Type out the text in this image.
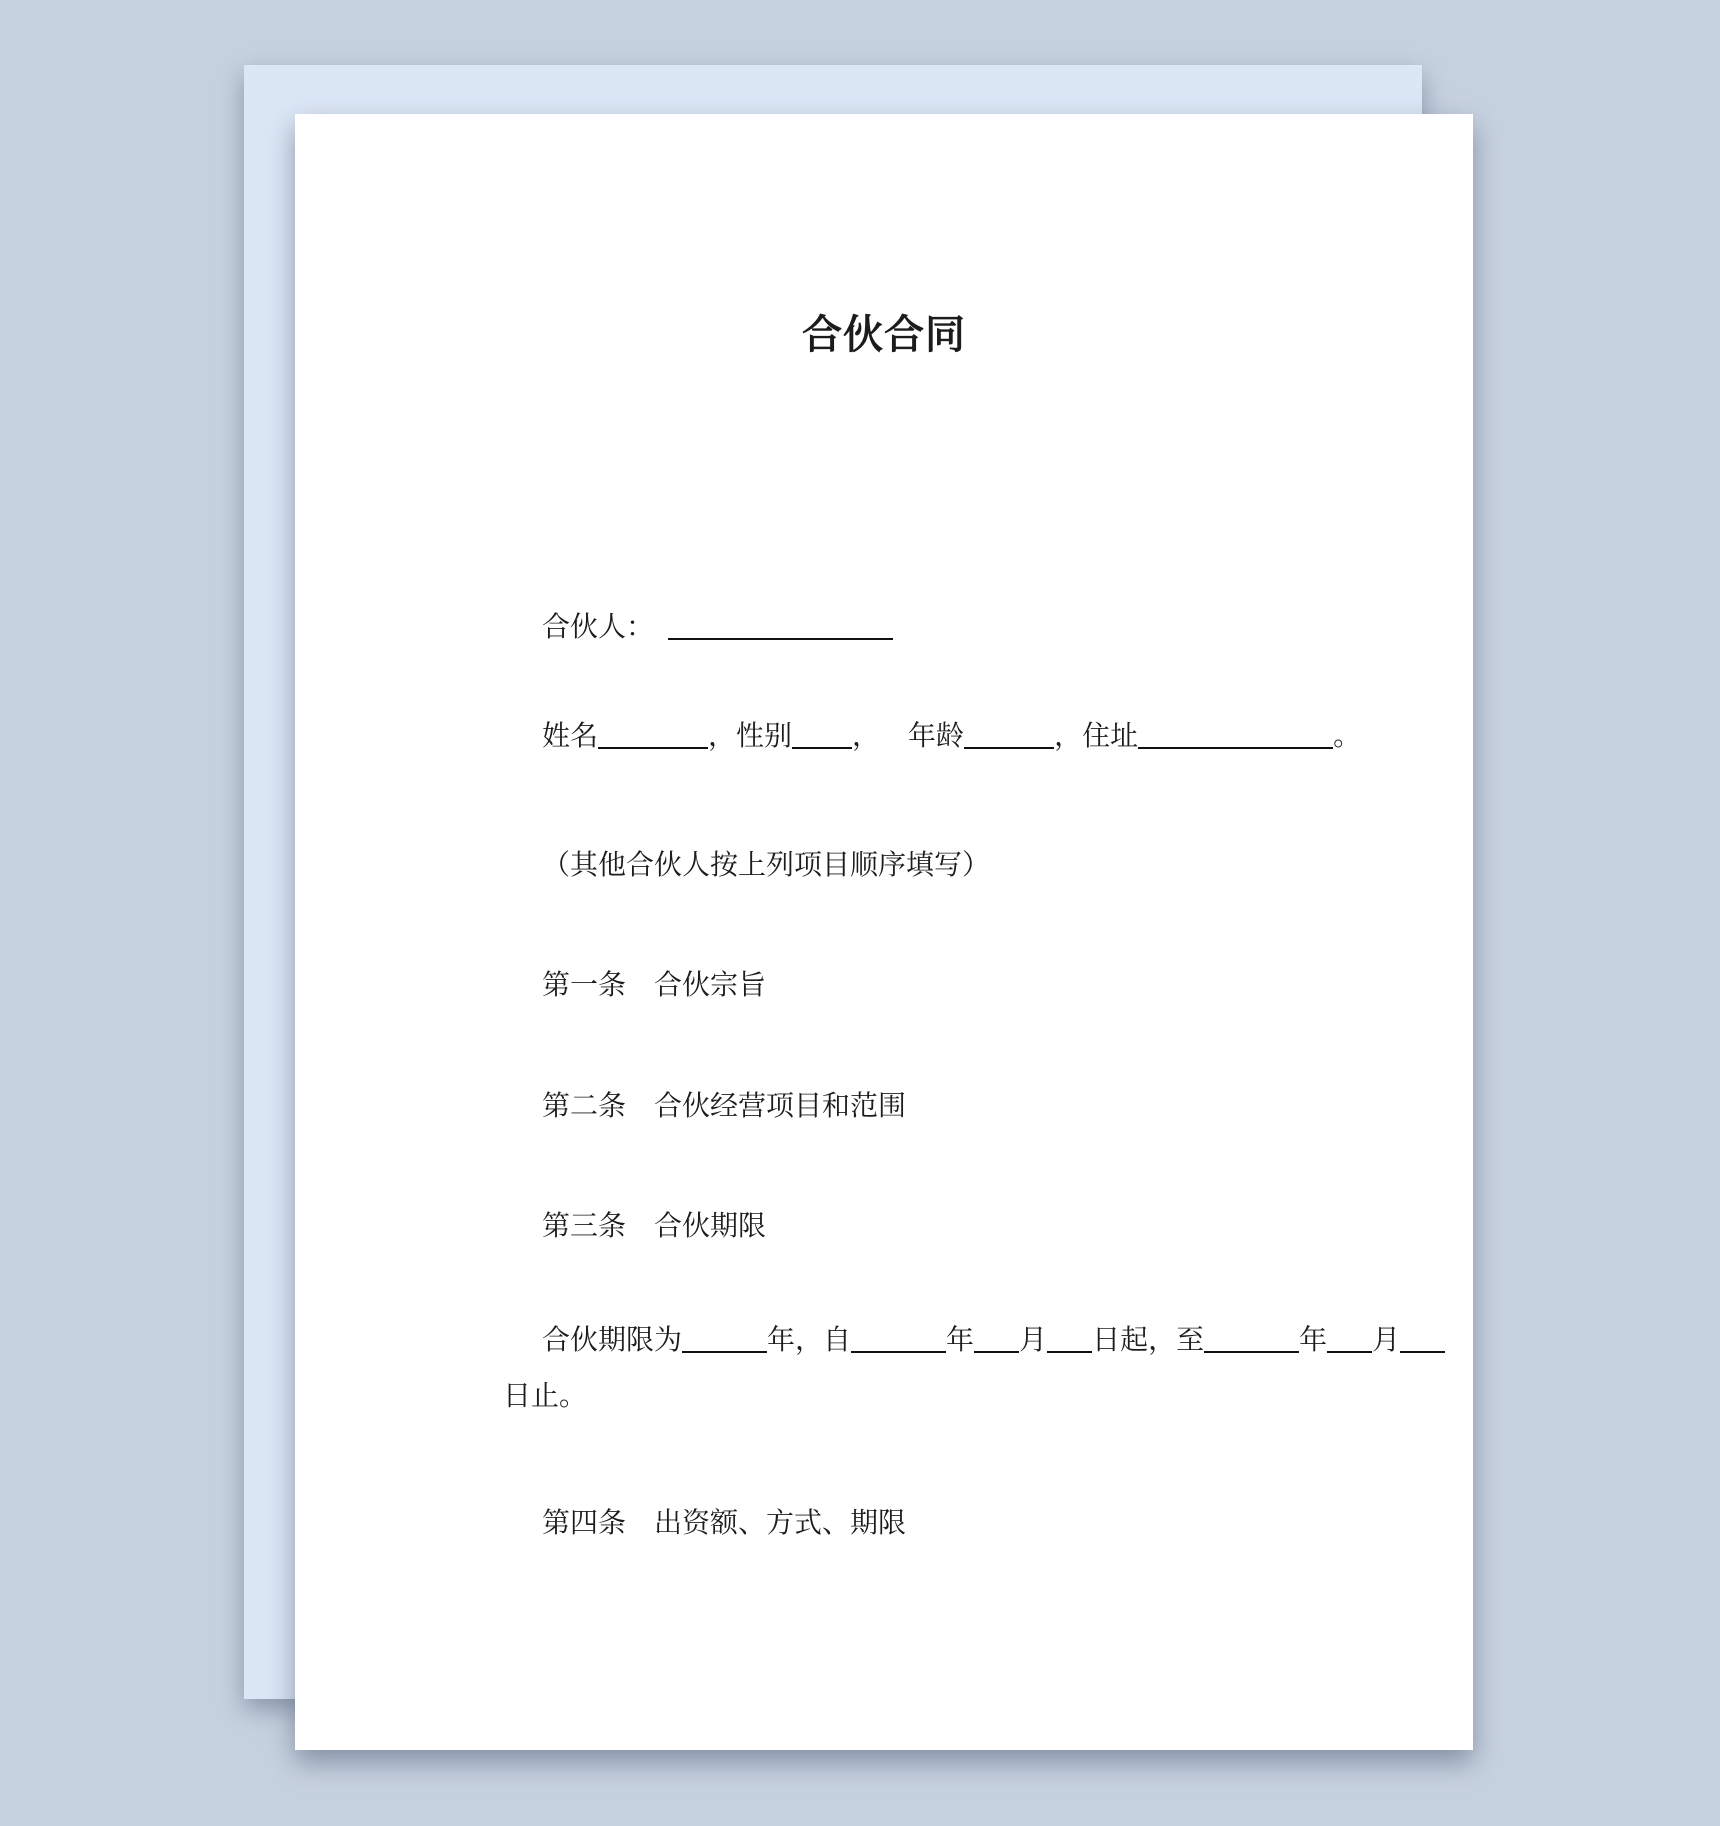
合伙合同
合伙人：
姓名	，性别 ， 年龄	，住址	。
（其他合伙人按上列项目顺序填写）
第一条　合伙宗旨
第二条　合伙经营项目和范围
第三条　合伙期限
合伙期限为	年，自	年 月 日起，至	年 月
日止。
第四条　出资额、方式、期限
